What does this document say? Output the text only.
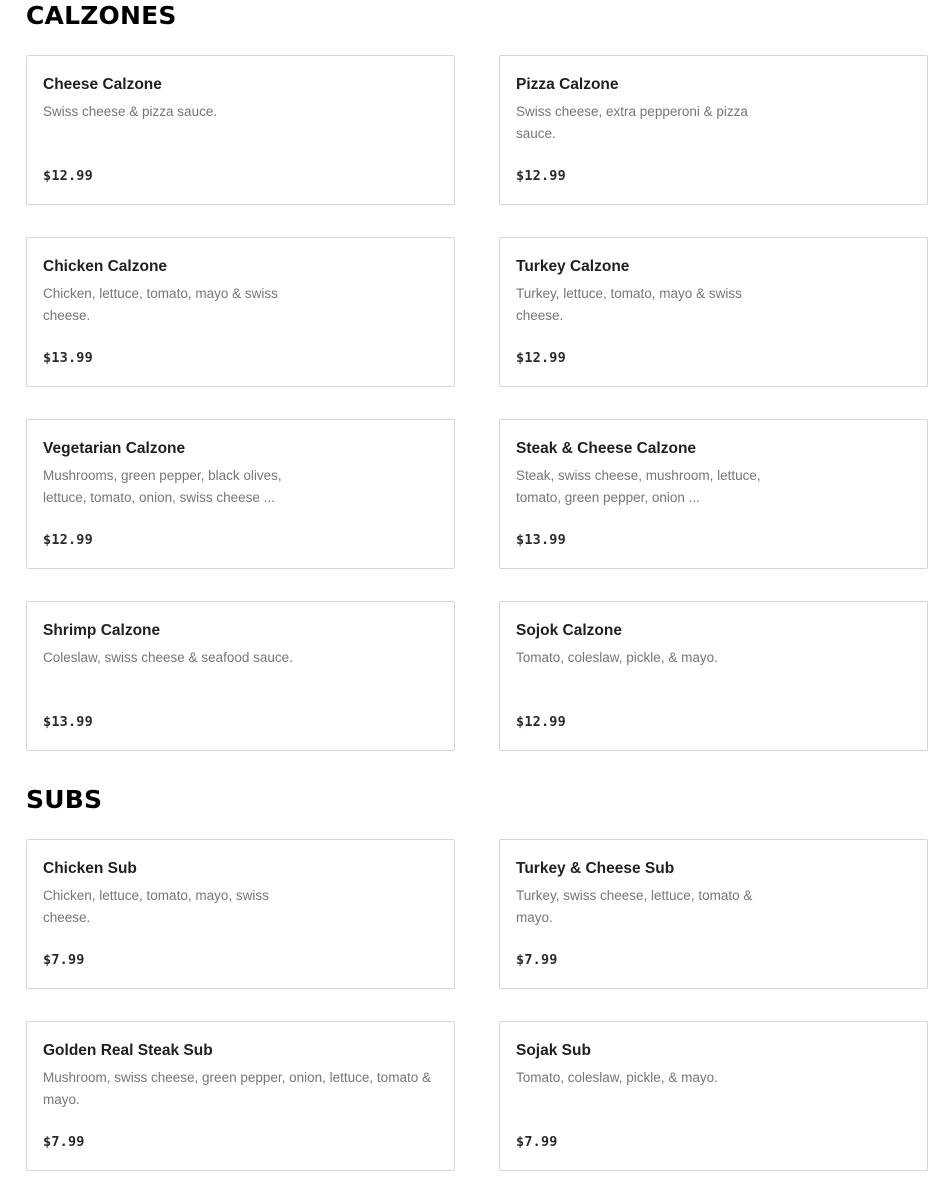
CALZONES

Cheese Calzone

Swiss cheese & pizza sauce.

$12.99

Pizza Calzone

Swiss cheese, extra pepperoni & pizza sauce.

$12.99

Chicken Calzone

Chicken, lettuce, tomato, mayo & swiss cheese.

$13.99

Turkey Calzone

Turkey, lettuce, tomato, mayo & swiss cheese.

$12.99

Vegetarian Calzone

Mushrooms, green pepper, black olives, lettuce, tomato, onion, swiss cheese ...

$12.99

Steak & Cheese Calzone

Steak, swiss cheese, mushroom, lettuce, tomato, green pepper, onion ...

$13.99

Shrimp Calzone

Coleslaw, swiss cheese & seafood sauce.

$13.99

Sojok Calzone

Tomato, coleslaw, pickle, & mayo.

$12.99

SUBS

Chicken Sub

Chicken, lettuce, tomato, mayo, swiss cheese.

$7.99

Turkey & Cheese Sub

Turkey, swiss cheese, lettuce, tomato & mayo.

$7.99

Golden Real Steak Sub

Mushroom, swiss cheese, green pepper, onion, lettuce, tomato & mayo.

$7.99

Sojak Sub

Tomato, coleslaw, pickle, & mayo.

$7.99
